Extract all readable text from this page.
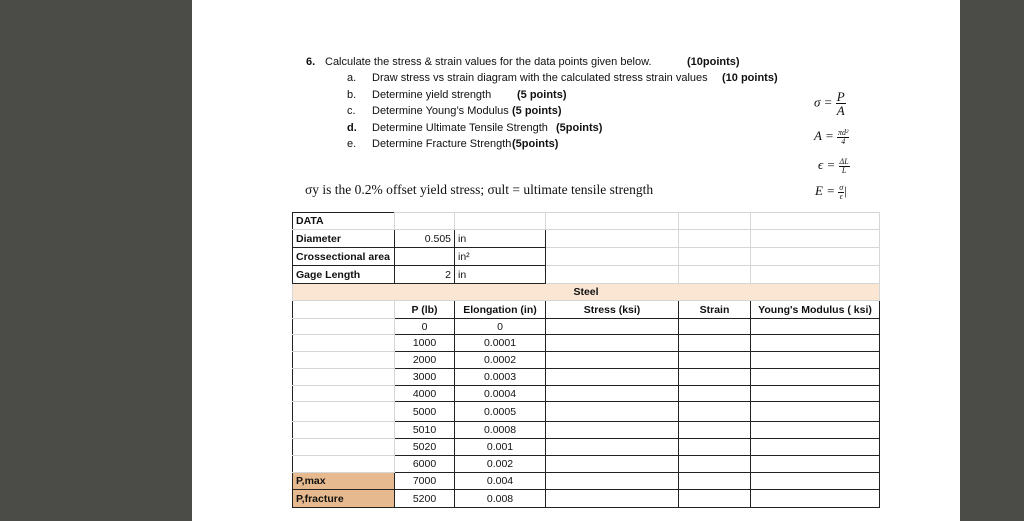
6. Calculate the stress & strain values for the data points given below.	(10points)
a. Draw stress vs strain diagram with the calculated stress strain values (10 points)
b. Determine yield strength (5 points)
c. Determine Young’s Modulus (5 points)
d. Determine Ultimate Tensile Strength (5points)
e. Determine Fracture Strength (5points)
σy is the 0.2% offset yield stress; σult = ultimate tensile strength
$\sigma = \frac{P}{A}$
$A = \frac{\text{πd²}}{4}$
$\epsilon = \frac{\Delta L}{L}$
$E = \frac{\sigma}{\epsilon}$ |
DATA					
Diameter	0.505	in			
Crossectional area		in²			
Gage Length	2	in			
Steel					
	P (lb)	Elongation (in)	Stress (ksi)	Strain	Young's Modulus ( ksi)
	0	0			
	1000	0.0001			
	2000	0.0002			
	3000	0.0003			
	4000	0.0004			
	5000	0.0005			
	5010	0.0008			
	5020	0.001			
	6000	0.002			
P,max	7000	0.004			
P,fracture	5200	0.008			
